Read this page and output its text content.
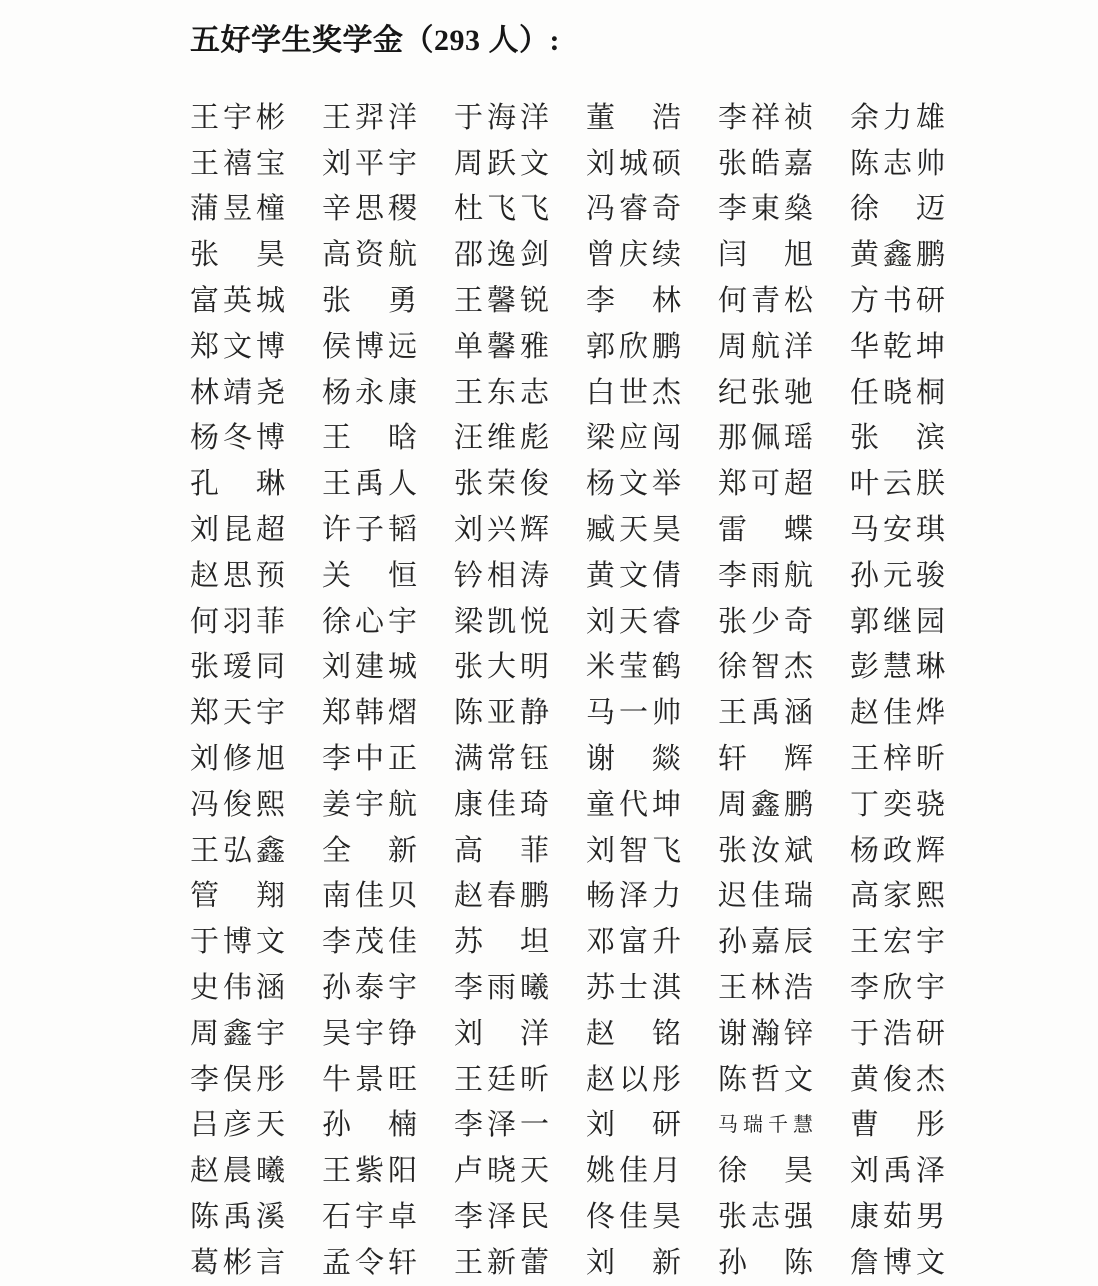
五好学生奖学金（293 人）:
王宇彬 王羿洋 于海洋 董浩 李祥祯 余力雄
王禧宝 刘平宇 周跃文 刘城硕 张皓嘉 陈志帅
蒲昱橦 辛思稷 杜飞飞 冯睿奇 李東燊 徐迈
张昊 高资航 邵逸剑 曾庆续 闫旭 黄鑫鹏
富英城 张勇 王馨锐 李林 何青松 方书研
郑文博 侯博远 单馨雅 郭欣鹏 周航洋 华乾坤
林靖尧 杨永康 王东志 白世杰 纪张驰 任晓桐
杨冬博 王晗 汪维彪 梁应闯 那佩瑶 张滨
孔琳 王禹人 张荣俊 杨文举 郑可超 叶云朕
刘昆超 许子韬 刘兴辉 臧天昊 雷蝶 马安琪
赵思预 关恒 钤相涛 黄文倩 李雨航 孙元骏
何羽菲 徐心宇 梁凯悦 刘天睿 张少奇 郭继园
张瑷同 刘建城 张大明 米莹鹤 徐智杰 彭慧琳
郑天宇 郑韩熠 陈亚静 马一帅 王禹涵 赵佳烨
刘修旭 李中正 满常钰 谢燚 轩辉 王梓昕
冯俊熙 姜宇航 康佳琦 童代坤 周鑫鹏 丁奕骁
王弘鑫 全新 高菲 刘智飞 张汝斌 杨政辉
管翔 南佳贝 赵春鹏 畅泽力 迟佳瑞 高家熙
于博文 李茂佳 苏坦 邓富升 孙嘉辰 王宏宇
史伟涵 孙泰宇 李雨曦 苏士淇 王林浩 李欣宇
周鑫宇 吴宇铮 刘洋 赵铭 谢瀚锌 于浩研
李俣彤 牛景旺 王廷昕 赵以彤 陈哲文 黄俊杰
吕彦天 孙楠 李泽一 刘研 马瑞千慧 曹彤
赵晨曦 王紫阳 卢晓天 姚佳月 徐昊 刘禹泽
陈禹溪 石宇卓 李泽民 佟佳昊 张志强 康茹男
葛彬言 孟令轩 王新蕾 刘新 孙陈 詹博文
